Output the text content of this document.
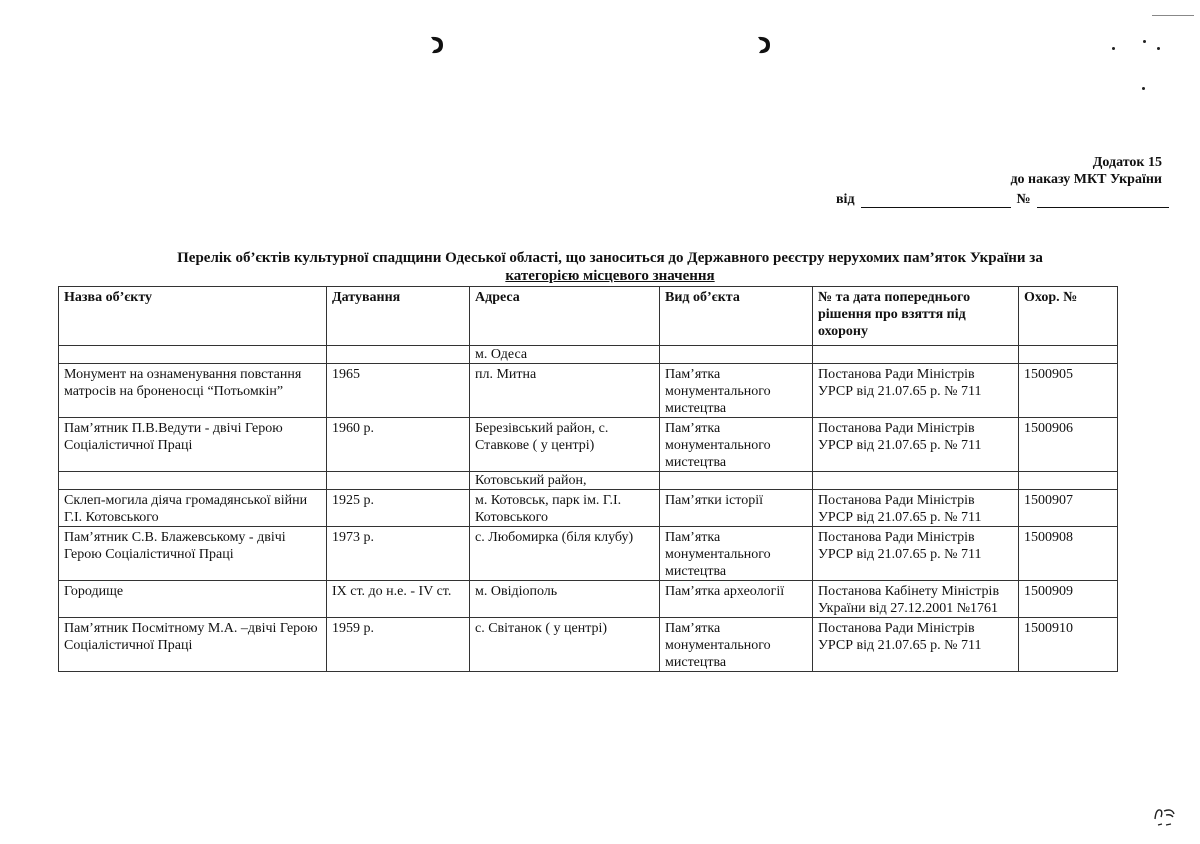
Додаток 15
до наказу МКТ України
від	№
Перелік об’єктів культурної спадщини Одеської області, що заноситься до Державного реєстру нерухомих пам’яток України за
категорією місцевого значення
Назва об’єкту	Датування	Адреса	Вид об’єкта	№ та дата попереднього рішення про взяття під охорону	Охор. №
		м. Одеса			
Монумент на ознаменування повстання матросів на броненосці “Потьомкін”	1965	пл. Митна	Пам’ятка монументального мистецтва	Постанова Ради Міністрів УРСР від 21.07.65 р. № 711	1500905
Пам’ятник П.В.Ведути - двічі Герою Соціалістичної Праці	1960 р.	Березівський район, с. Ставкове ( у центрі)	Пам’ятка монументального мистецтва	Постанова Ради Міністрів УРСР від 21.07.65 р. № 711	1500906
		Котовський район,			
Склеп-могила діяча громадянської війни Г.І. Котовського	1925 р.	м. Котовськ, парк ім. Г.І. Котовського	Пам’ятки історії	Постанова Ради Міністрів УРСР від 21.07.65 р. № 711	1500907
Пам’ятник С.В. Блажевському - двічі Герою Соціалістичної Праці	1973 р.	с. Любомирка (біля клубу)	Пам’ятка монументального мистецтва	Постанова Ради Міністрів УРСР від 21.07.65 р. № 711	1500908
Городище	IX ст. до н.е. - IV ст.	м. Овідіополь	Пам’ятка археології	Постанова Кабінету Міністрів України від 27.12.2001 №1761	1500909
Пам’ятник Посмітному М.А. –двічі Герою Соціалістичної Праці	1959 р.	с. Світанок ( у центрі)	Пам’ятка монументального мистецтва	Постанова Ради Міністрів УРСР від 21.07.65 р. № 711	1500910
